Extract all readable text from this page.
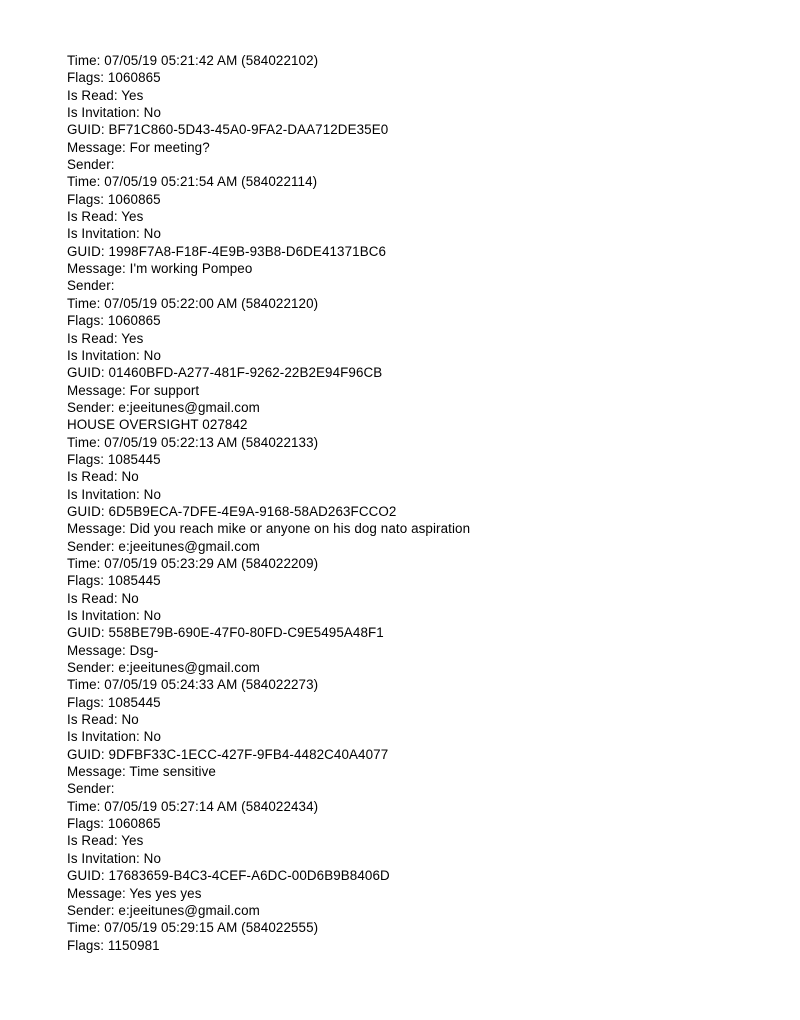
Time: 07/05/19 05:21:42 AM (584022102)
Flags: 1060865
Is Read: Yes
Is Invitation: No
GUID: BF71C860-5D43-45A0-9FA2-DAA712DE35E0
Message: For meeting?
Sender:
Time: 07/05/19 05:21:54 AM (584022114)
Flags: 1060865
Is Read: Yes
Is Invitation: No
GUID: 1998F7A8-F18F-4E9B-93B8-D6DE41371BC6
Message: I'm working Pompeo
Sender:
Time: 07/05/19 05:22:00 AM (584022120)
Flags: 1060865
Is Read: Yes
Is Invitation: No
GUID: 01460BFD-A277-481F-9262-22B2E94F96CB
Message: For support
Sender: e:jeeitunes@gmail.com
HOUSE OVERSIGHT 027842
Time: 07/05/19 05:22:13 AM (584022133)
Flags: 1085445
Is Read: No
Is Invitation: No
GUID: 6D5B9ECA-7DFE-4E9A-9168-58AD263FCCO2
Message: Did you reach mike or anyone on his dog nato aspiration
Sender: e:jeeitunes@gmail.com
Time: 07/05/19 05:23:29 AM (584022209)
Flags: 1085445
Is Read: No
Is Invitation: No
GUID: 558BE79B-690E-47F0-80FD-C9E5495A48F1
Message: Dsg-
Sender: e:jeeitunes@gmail.com
Time: 07/05/19 05:24:33 AM (584022273)
Flags: 1085445
Is Read: No
Is Invitation: No
GUID: 9DFBF33C-1ECC-427F-9FB4-4482C40A4077
Message: Time sensitive
Sender:
Time: 07/05/19 05:27:14 AM (584022434)
Flags: 1060865
Is Read: Yes
Is Invitation: No
GUID: 17683659-B4C3-4CEF-A6DC-00D6B9B8406D
Message: Yes yes yes
Sender: e:jeeitunes@gmail.com
Time: 07/05/19 05:29:15 AM (584022555)
Flags: 1150981
